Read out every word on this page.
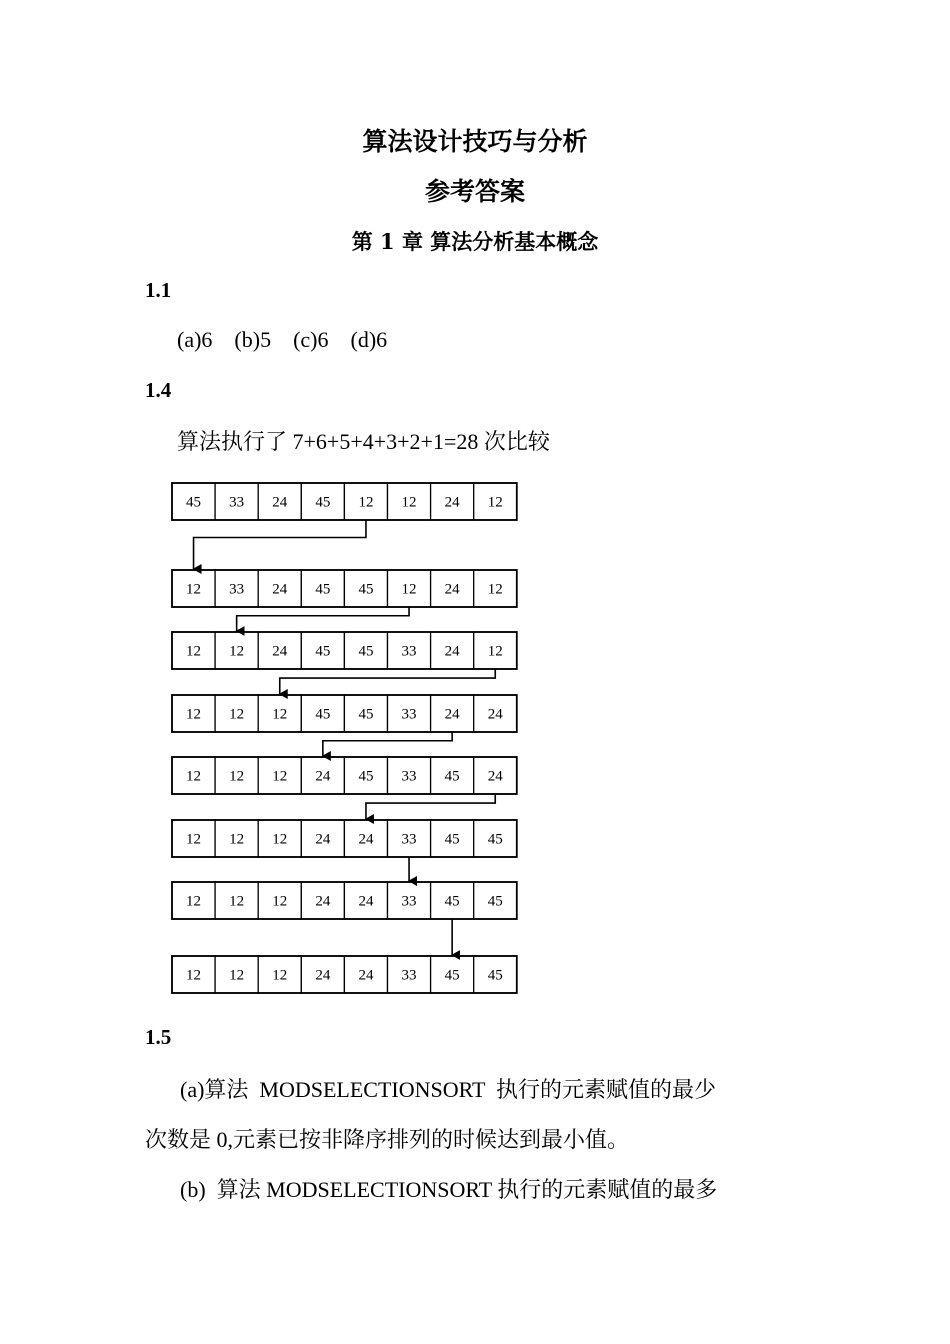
算法设计技巧与分析
参考答案
第 1 章 算法分析基本概念
1.1
(a)6    (b)5    (c)6    (d)6
1.4
算法执行了 7+6+5+4+3+2+1=28 次比较
45 33 24 45 12 12 24 12
12 33 24 45 45 12 24 12
12 12 24 45 45 33 24 12
12 12 12 45 45 33 24 24
12 12 12 24 45 33 45 24
12 12 12 24 24 33 45 45
12 12 12 24 24 33 45 45
12 12 12 24 24 33 45 45
1.5
(a)算法  MODSELECTIONSORT  执行的元素赋值的最少
次数是 0,元素已按非降序排列的时候达到最小值。
(b)  算法 MODSELECTIONSORT 执行的元素赋值的最多
